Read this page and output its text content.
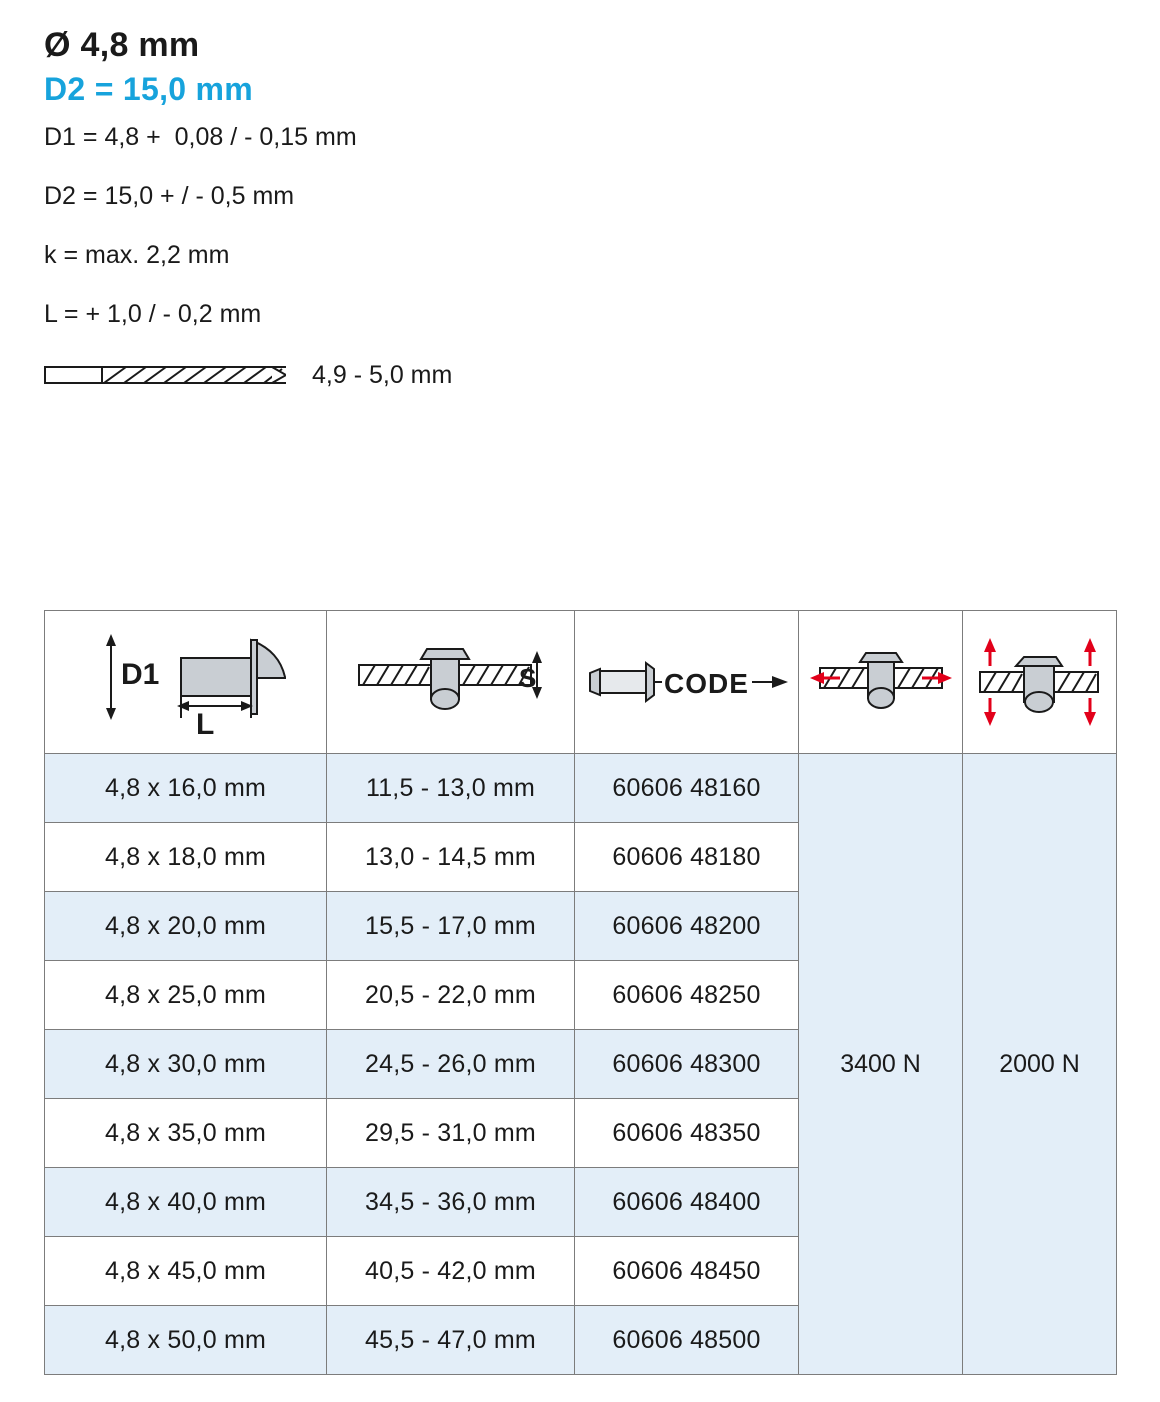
Ø 4,8 mm
D2 = 15,0 mm
D1 = 4,8 +  0,08 / - 0,15 mm
D2 = 15,0 + / - 0,5 mm
k = max. 2,2 mm
L = + 1,0 / - 0,2 mm
4,9 - 5,0 mm
D1
L	S	CODE

4,8 x 16,0 mm	11,5 - 13,0 mm	60606 48160	3400 N	2000 N
4,8 x 18,0 mm	13,0 - 14,5 mm	60606 48180		
4,8 x 20,0 mm	15,5 - 17,0 mm	60606 48200		
4,8 x 25,0 mm	20,5 - 22,0 mm	60606 48250		
4,8 x 30,0 mm	24,5 - 26,0 mm	60606 48300		
4,8 x 35,0 mm	29,5 - 31,0 mm	60606 48350		
4,8 x 40,0 mm	34,5 - 36,0 mm	60606 48400		
4,8 x 45,0 mm	40,5 - 42,0 mm	60606 48450		
4,8 x 50,0 mm	45,5 - 47,0 mm	60606 48500		
